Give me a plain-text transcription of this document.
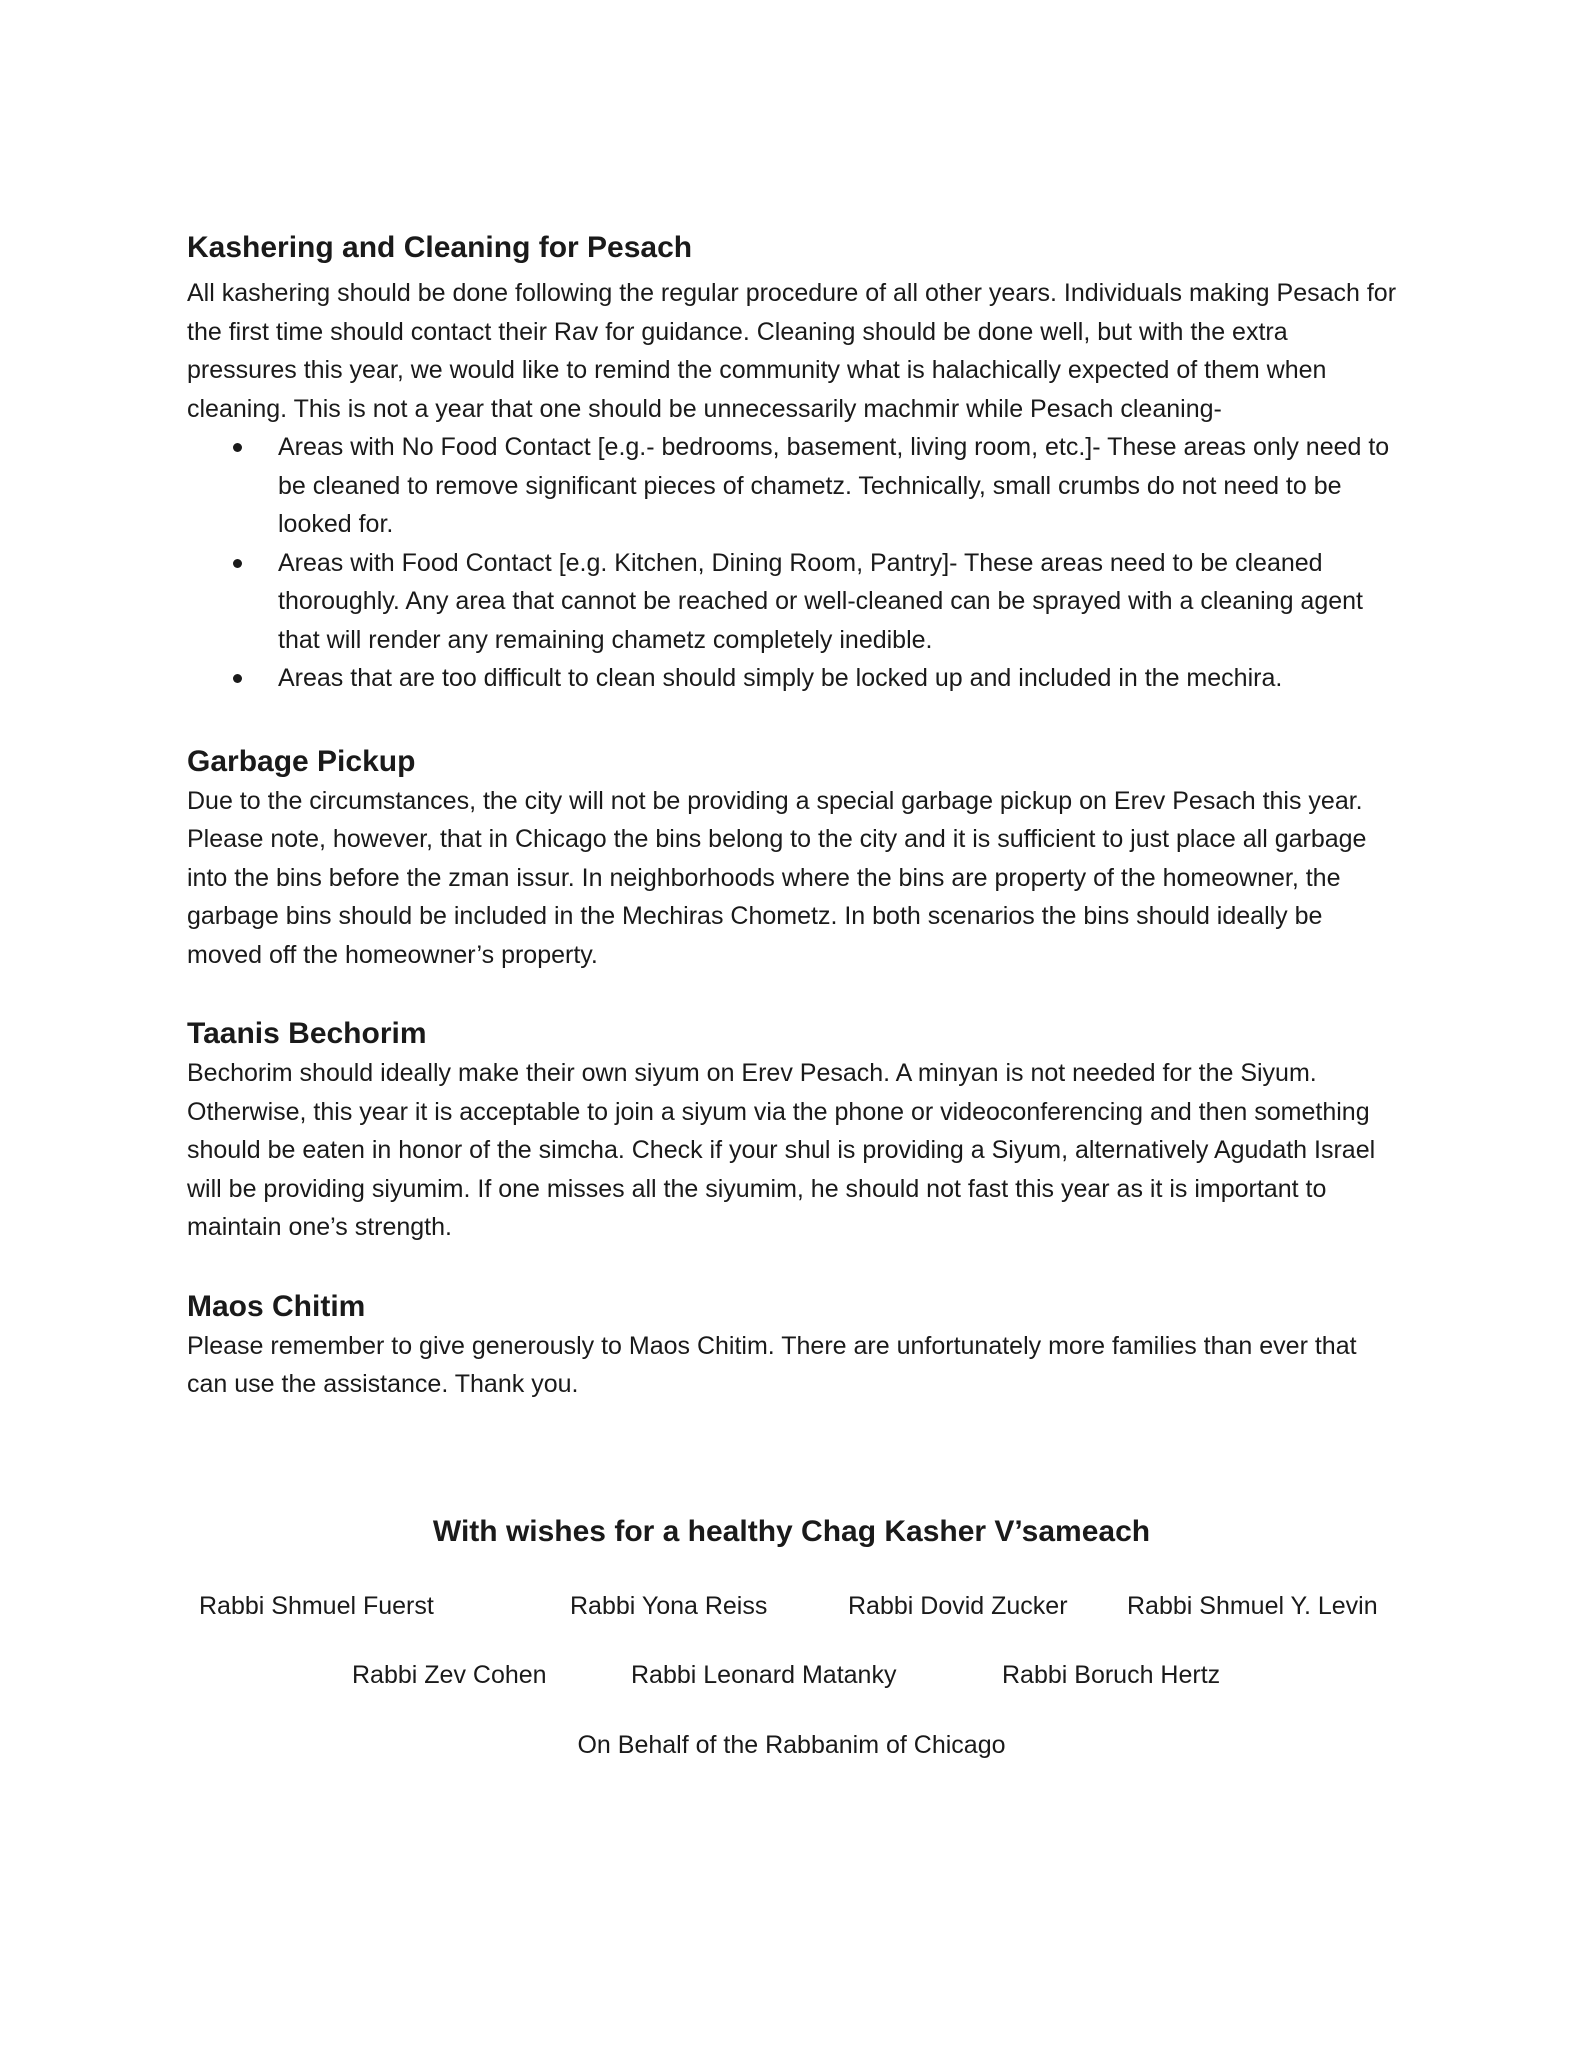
Kashering and Cleaning for Pesach

All kashering should be done following the regular procedure of all other years. Individuals making Pesach for the first time should contact their Rav for guidance. Cleaning should be done well, but with the extra pressures this year, we would like to remind the community what is halachically expected of them when cleaning. This is not a year that one should be unnecessarily machmir while Pesach cleaning-

Areas with No Food Contact [e.g.- bedrooms, basement, living room, etc.]- These areas only need to be cleaned to remove significant pieces of chametz. Technically, small crumbs do not need to be looked for.
Areas with Food Contact [e.g. Kitchen, Dining Room, Pantry]- These areas need to be cleaned thoroughly. Any area that cannot be reached or well-cleaned can be sprayed with a cleaning agent that will render any remaining chametz completely inedible.
Areas that are too difficult to clean should simply be locked up and included in the mechira.
Garbage Pickup

Due to the circumstances, the city will not be providing a special garbage pickup on Erev Pesach this year. Please note, however, that in Chicago the bins belong to the city and it is sufficient to just place all garbage into the bins before the zman issur. In neighborhoods where the bins are property of the homeowner, the garbage bins should be included in the Mechiras Chometz. In both scenarios the bins should ideally be moved off the homeowner’s property.

Taanis Bechorim

Bechorim should ideally make their own siyum on Erev Pesach. A minyan is not needed for the Siyum. Otherwise, this year it is acceptable to join a siyum via the phone or videoconferencing and then something should be eaten in honor of the simcha. Check if your shul is providing a Siyum, alternatively Agudath Israel will be providing siyumim. If one misses all the siyumim, he should not fast this year as it is important to maintain one’s strength.

Maos Chitim

Please remember to give generously to Maos Chitim. There are unfortunately more families than ever that can use the assistance. Thank you.

With wishes for a healthy Chag Kasher V’sameach
Rabbi Shmuel Fuerst	Rabbi Yona Reiss	Rabbi Dovid Zucker Rabbi Shmuel Y. Levin
Rabbi Zev Cohen	Rabbi Leonard Matanky	Rabbi Boruch Hertz
On Behalf of the Rabbanim of Chicago
